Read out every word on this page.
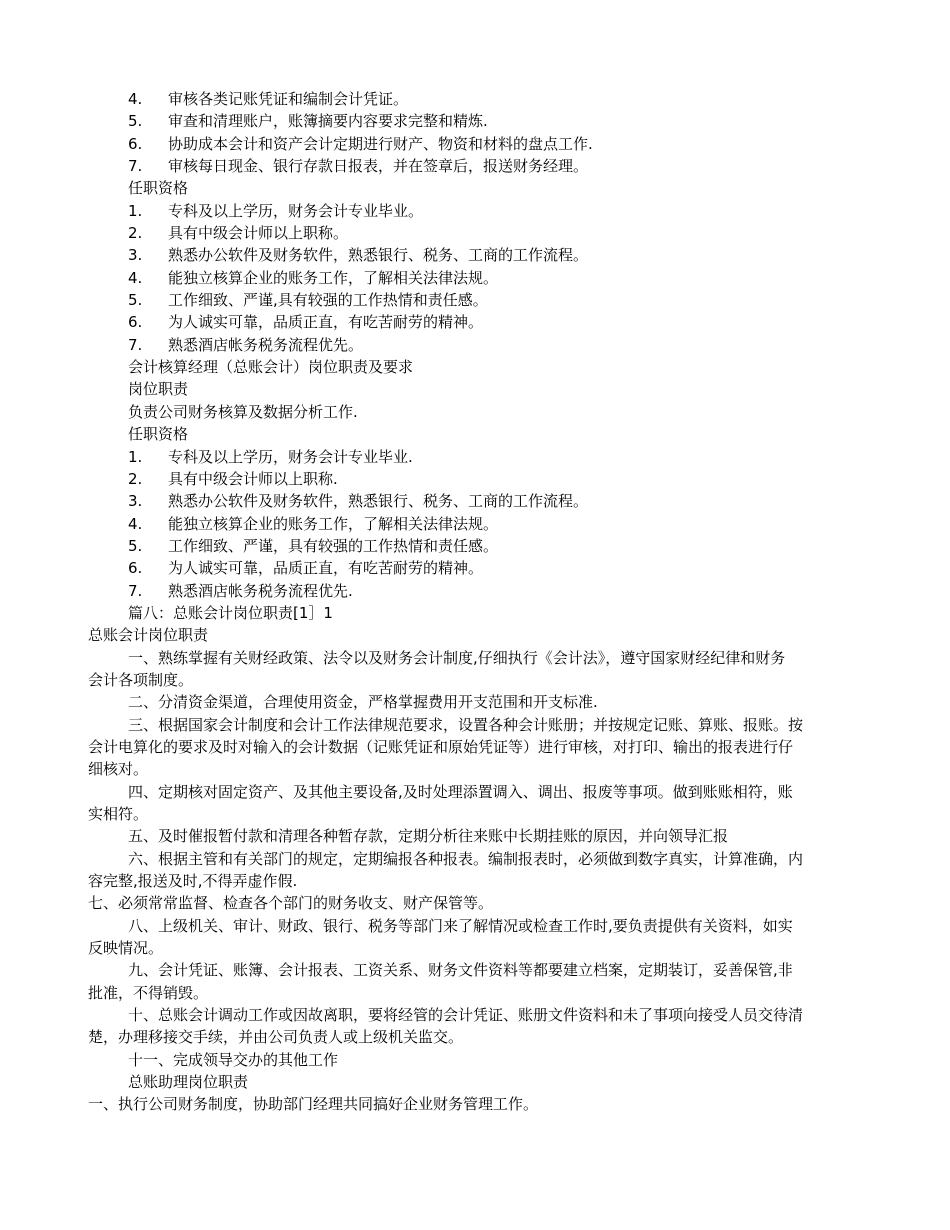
4.	审核各类记账凭证和编制会计凭证。
5.	审查和清理账户，账簿摘要内容要求完整和精炼.
6.	协助成本会计和资产会计定期进行财产、物资和材料的盘点工作.
7.	审核每日现金、银行存款日报表，并在签章后，报送财务经理。
任职资格
1.	专科及以上学历，财务会计专业毕业。
2.	具有中级会计师以上职称。
3.	熟悉办公软件及财务软件，熟悉银行、税务、工商的工作流程。
4.	能独立核算企业的账务工作，了解相关法律法规。
5.	工作细致、严谨,具有较强的工作热情和责任感。
6.	为人诚实可靠，品质正直，有吃苦耐劳的精神。
7.	熟悉酒店帐务税务流程优先。
会计核算经理（总账会计）岗位职责及要求
岗位职责
负责公司财务核算及数据分析工作.
任职资格
1.	专科及以上学历，财务会计专业毕业.
2.	具有中级会计师以上职称.
3.	熟悉办公软件及财务软件，熟悉银行、税务、工商的工作流程。
4.	能独立核算企业的账务工作，了解相关法律法规。
5.	工作细致、严谨，具有较强的工作热情和责任感。
6.	为人诚实可靠，品质正直，有吃苦耐劳的精神。
7.	熟悉酒店帐务税务流程优先.
篇八：总账会计岗位职责[1］1
总账会计岗位职责
一、熟练掌握有关财经政策、法令以及财务会计制度,仔细执行《会计法》，遵守国家财经纪律和财务
会计各项制度。
二、分清资金渠道，合理使用资金，严格掌握费用开支范围和开支标准.
三、根据国家会计制度和会计工作法律规范要求，设置各种会计账册；并按规定记账、算账、报账。按
会计电算化的要求及时对输入的会计数据（记账凭证和原始凭证等）进行审核，对打印、输出的报表进行仔
细核对。
四、定期核对固定资产、及其他主要设备,及时处理添置调入、调出、报废等事项。做到账账相符，账
实相符。
五、及时催报暂付款和清理各种暂存款，定期分析往来账中长期挂账的原因，并向领导汇报
六、根据主管和有关部门的规定，定期编报各种报表。编制报表时，必须做到数字真实，计算准确，内
容完整,报送及时,不得弄虚作假.
七、必须常常监督、检查各个部门的财务收支、财产保管等。
八、上级机关、审计、财政、银行、税务等部门来了解情况或检查工作时,要负责提供有关资料，如实
反映情况。
九、会计凭证、账簿、会计报表、工资关系、财务文件资料等都要建立档案，定期装订，妥善保管,非
批准，不得销毁。
十、总账会计调动工作或因故离职，要将经管的会计凭证、账册文件资料和未了事项向接受人员交待清
楚，办理移接交手续，并由公司负责人或上级机关监交。
十一、完成领导交办的其他工作
总账助理岗位职责
一、执行公司财务制度，协助部门经理共同搞好企业财务管理工作。
